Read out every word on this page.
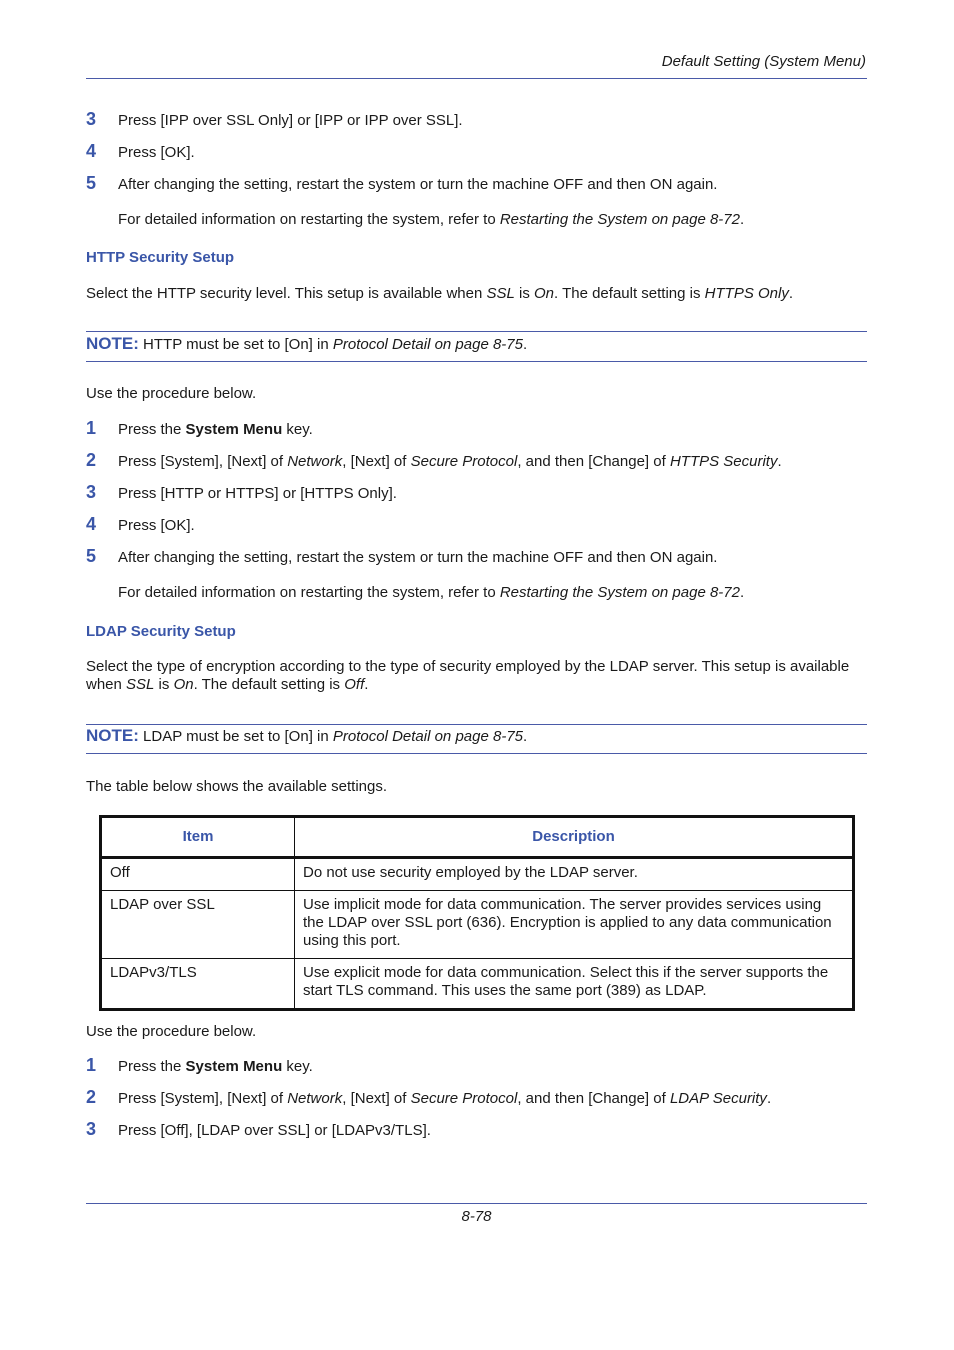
Default Setting (System Menu)
3	Press [IPP over SSL Only] or [IPP or IPP over SSL].
4	Press [OK].
5	After changing the setting, restart the system or turn the machine OFF and then ON again.
For detailed information on restarting the system, refer to Restarting the System on page 8-72.
HTTP Security Setup
Select the HTTP security level. This setup is available when SSL is On. The default setting is HTTPS Only.
NOTE: HTTP must be set to [On] in Protocol Detail on page 8-75.
Use the procedure below.
1	Press the System Menu key.
2	Press [System], [Next] of Network, [Next] of Secure Protocol, and then [Change] of HTTPS Security.
3	Press [HTTP or HTTPS] or [HTTPS Only].
4	Press [OK].
5	After changing the setting, restart the system or turn the machine OFF and then ON again.
For detailed information on restarting the system, refer to Restarting the System on page 8-72.
LDAP Security Setup
Select the type of encryption according to the type of security employed by the LDAP server. This setup is available when SSL is On. The default setting is Off.
NOTE: LDAP must be set to [On] in Protocol Detail on page 8-75.
The table below shows the available settings.
Item	Description
Off	Do not use security employed by the LDAP server.
LDAP over SSL	Use implicit mode for data communication. The server provides services using the LDAP over SSL port (636). Encryption is applied to any data communication using this port.
LDAPv3/TLS	Use explicit mode for data communication. Select this if the server supports the start TLS command. This uses the same port (389) as LDAP.
Use the procedure below.
1	Press the System Menu key.
2	Press [System], [Next] of Network, [Next] of Secure Protocol, and then [Change] of LDAP Security.
3	Press [Off], [LDAP over SSL] or [LDAPv3/TLS].
8-78
